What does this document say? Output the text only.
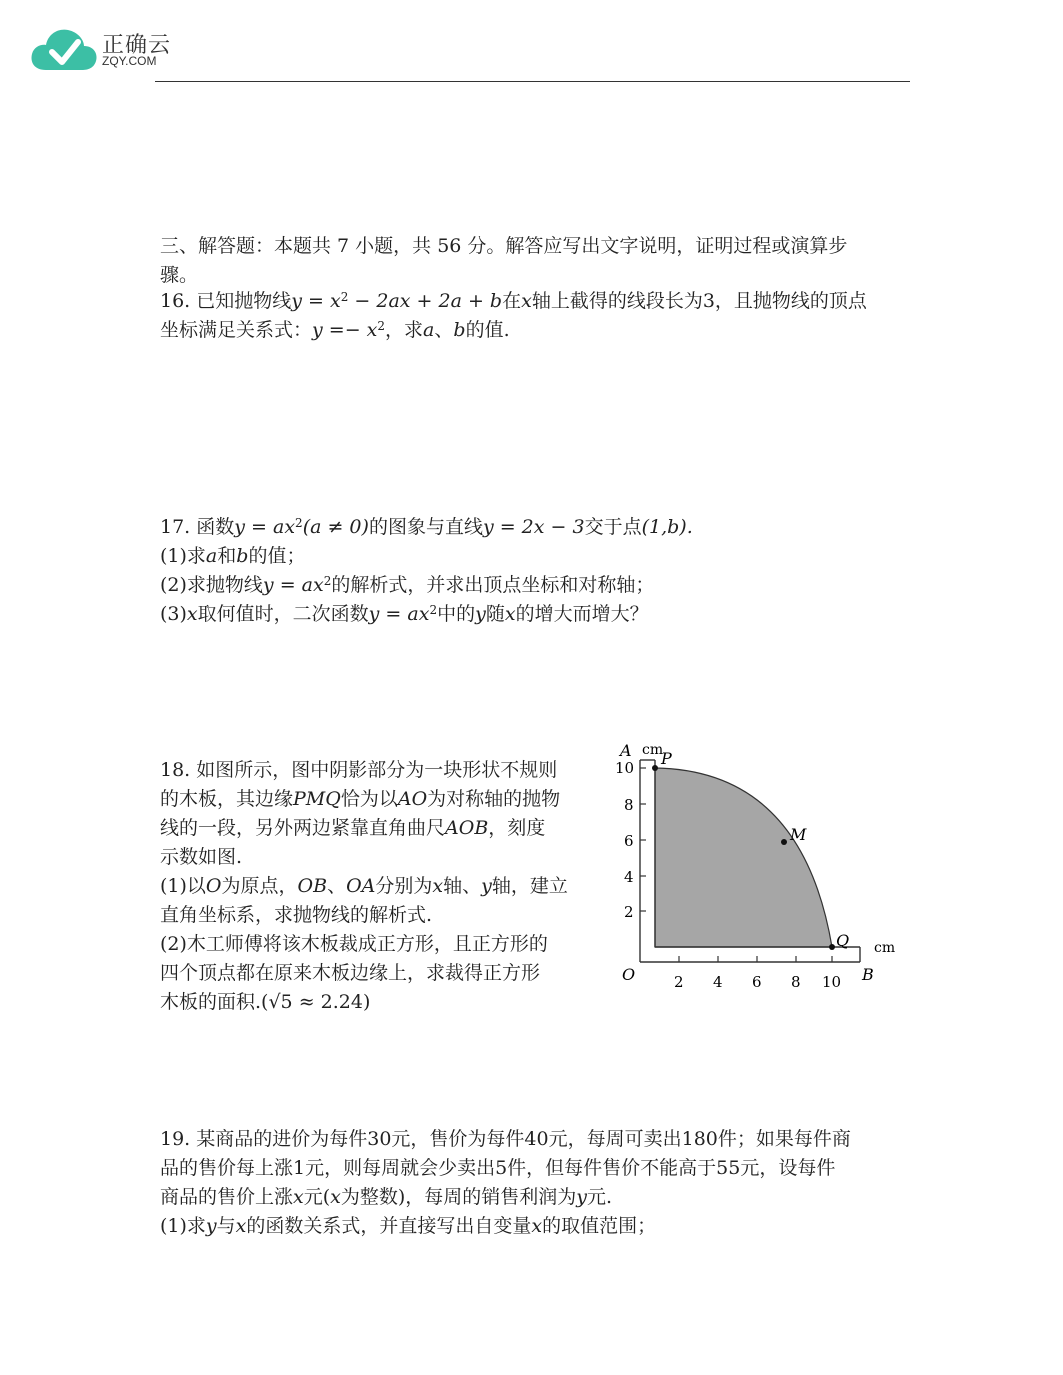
正确云
ZQY.COM
三、解答题：本题共 7 小题，共 56 分。解答应写出文字说明，证明过程或演算步
骤。
16. 已知抛物线$y = x^2 - 2ax + 2a + b$在x轴上截得的线段长为3，且抛物线的顶点
坐标满足关系式：$y =- x^2$，求a、b的值.
17. 函数$y = ax^2(a \ne 0)$的图象与直线y = 2x − 3交于点(1,b).
(1)求a和b的值；
(2)求抛物线$y = ax^2$的解析式，并求出顶点坐标和对称轴；
(3)x取何值时，二次函数$y = ax^2$中的y随x的增大而增大？
18. 如图所示，图中阴影部分为一块形状不规则
的木板，其边缘PMQ恰为以AO为对称轴的抛物
线的一段，另外两边紧靠直角曲尺AOB，刻度
示数如图.
(1)以O为原点，OB、OA分别为x轴、y轴，建立
直角坐标系，求抛物线的解析式.
(2)木工师傅将该木板裁成正方形，且正方形的
四个顶点都在原来木板边缘上，求裁得正方形
木板的面积.(√5 ≈ 2.24)
A cm
P
M
Q cm
O	B
10
8
6
4
2
2 4 6 8 10
19. 某商品的进价为每件30元，售价为每件40元，每周可卖出180件；如果每件商
品的售价每上涨1元，则每周就会少卖出5件，但每件售价不能高于55元，设每件
商品的售价上涨x元(x为整数)，每周的销售利润为y元.
(1)求y与x的函数关系式，并直接写出自变量x的取值范围；
